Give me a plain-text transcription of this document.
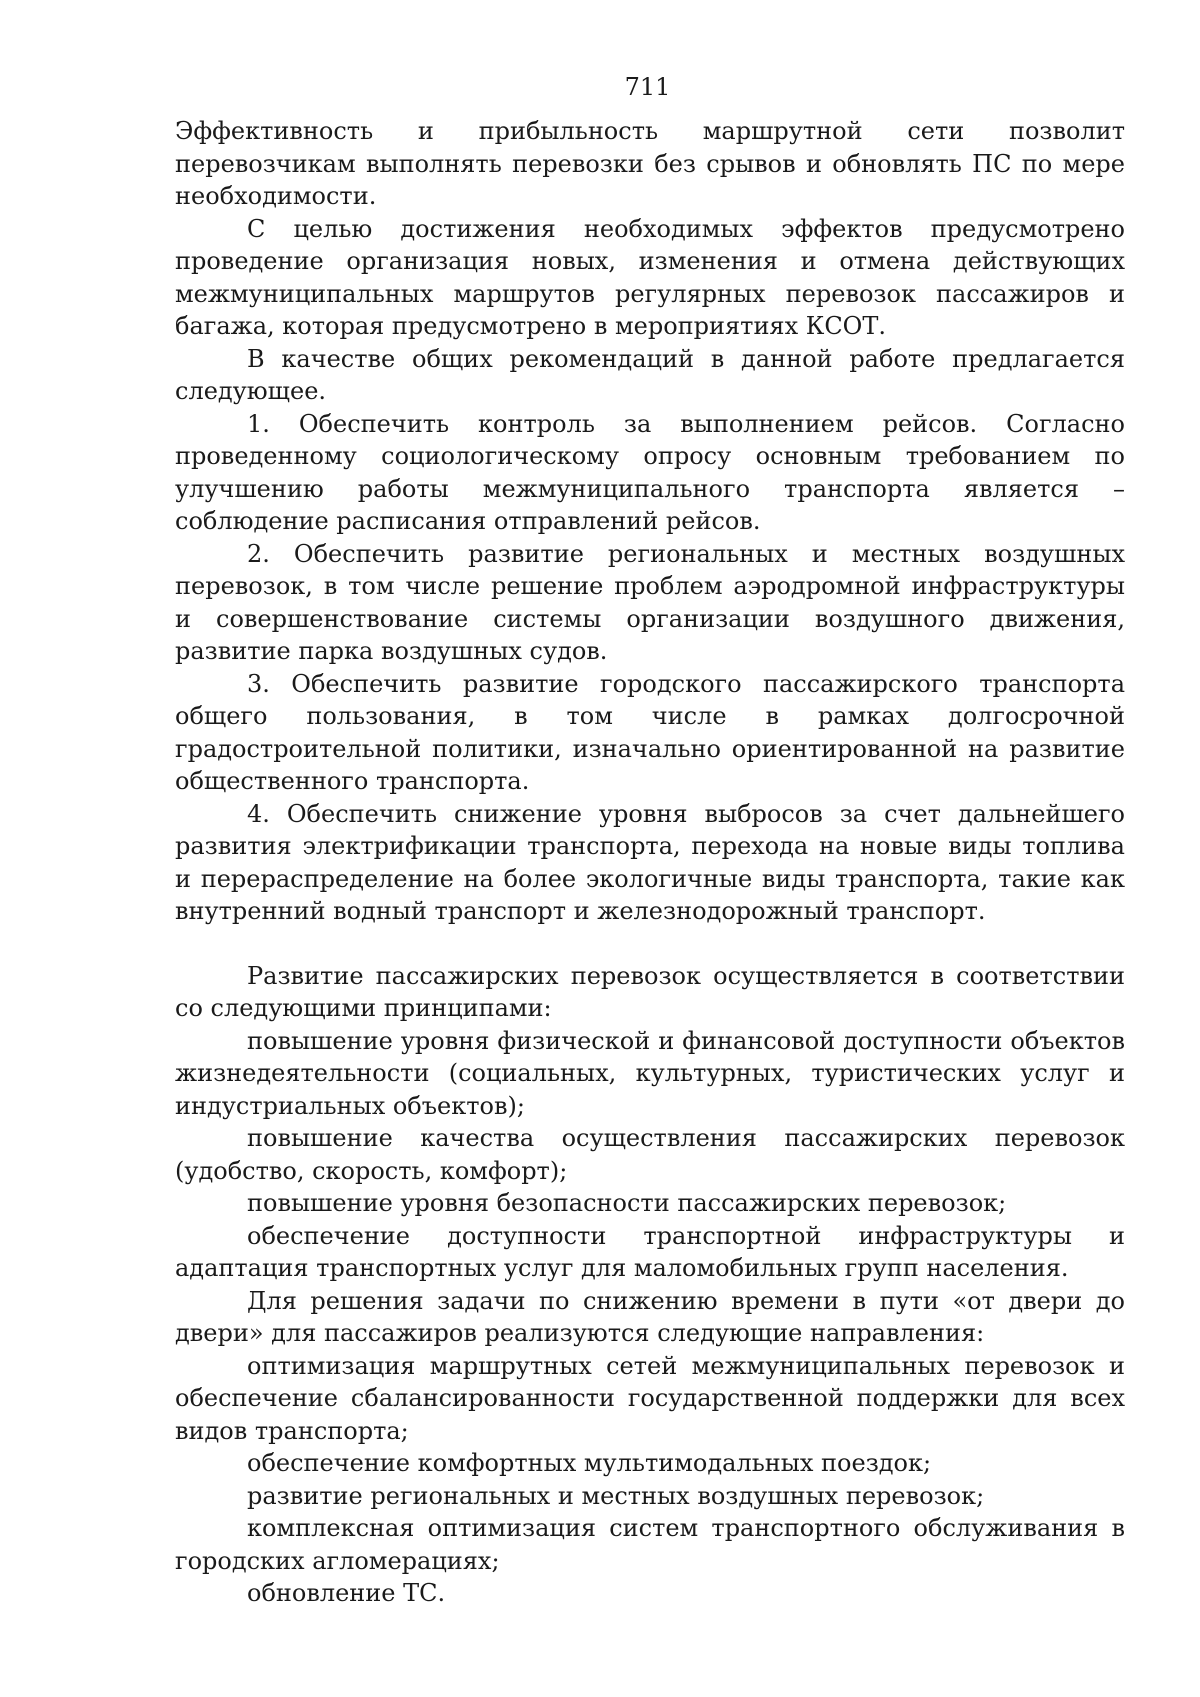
711

Эффективность и прибыльность маршрутной сети позволит перевозчикам выполнять перевозки без срывов и обновлять ПС по мере необходимости.

С целью достижения необходимых эффектов предусмотрено проведение организация новых, изменения и отмена действующих межмуниципальных маршрутов регулярных перевозок пассажиров и багажа, которая предусмотрено в мероприятиях КСОТ.

В качестве общих рекомендаций в данной работе предлагается следующее.

1. Обеспечить контроль за выполнением рейсов. Согласно проведенному социологическому опросу основным требованием по улучшению работы межмуниципального транспорта является – соблюдение расписания отправлений рейсов.

2. Обеспечить развитие региональных и местных воздушных перевозок, в том числе решение проблем аэродромной инфраструктуры и совершенствование системы организации воздушного движения, развитие парка воздушных судов.

3. Обеспечить развитие городского пассажирского транспорта общего пользования, в том числе в рамках долгосрочной градостроительной политики, изначально ориентированной на развитие общественного транспорта.

4. Обеспечить снижение уровня выбросов за счет дальнейшего развития электрификации транспорта, перехода на новые виды топлива и перераспределение на более экологичные виды транспорта, такие как внутренний водный транспорт и железнодорожный транспорт.

Развитие пассажирских перевозок осуществляется в соответствии со следующими принципами:

повышение уровня физической и финансовой доступности объектов жизнедеятельности (социальных, культурных, туристических услуг и индустриальных объектов);

повышение качества осуществления пассажирских перевозок (удобство, скорость, комфорт);

повышение уровня безопасности пассажирских перевозок;

обеспечение доступности транспортной инфраструктуры и адаптация транспортных услуг для маломобильных групп населения.

Для решения задачи по снижению времени в пути «от двери до двери» для пассажиров реализуются следующие направления:

оптимизация маршрутных сетей межмуниципальных перевозок и обеспечение сбалансированности государственной поддержки для всех видов транспорта;

обеспечение комфортных мультимодальных поездок;

развитие региональных и местных воздушных перевозок;

комплексная оптимизация систем транспортного обслуживания в городских агломерациях;

обновление ТС.
